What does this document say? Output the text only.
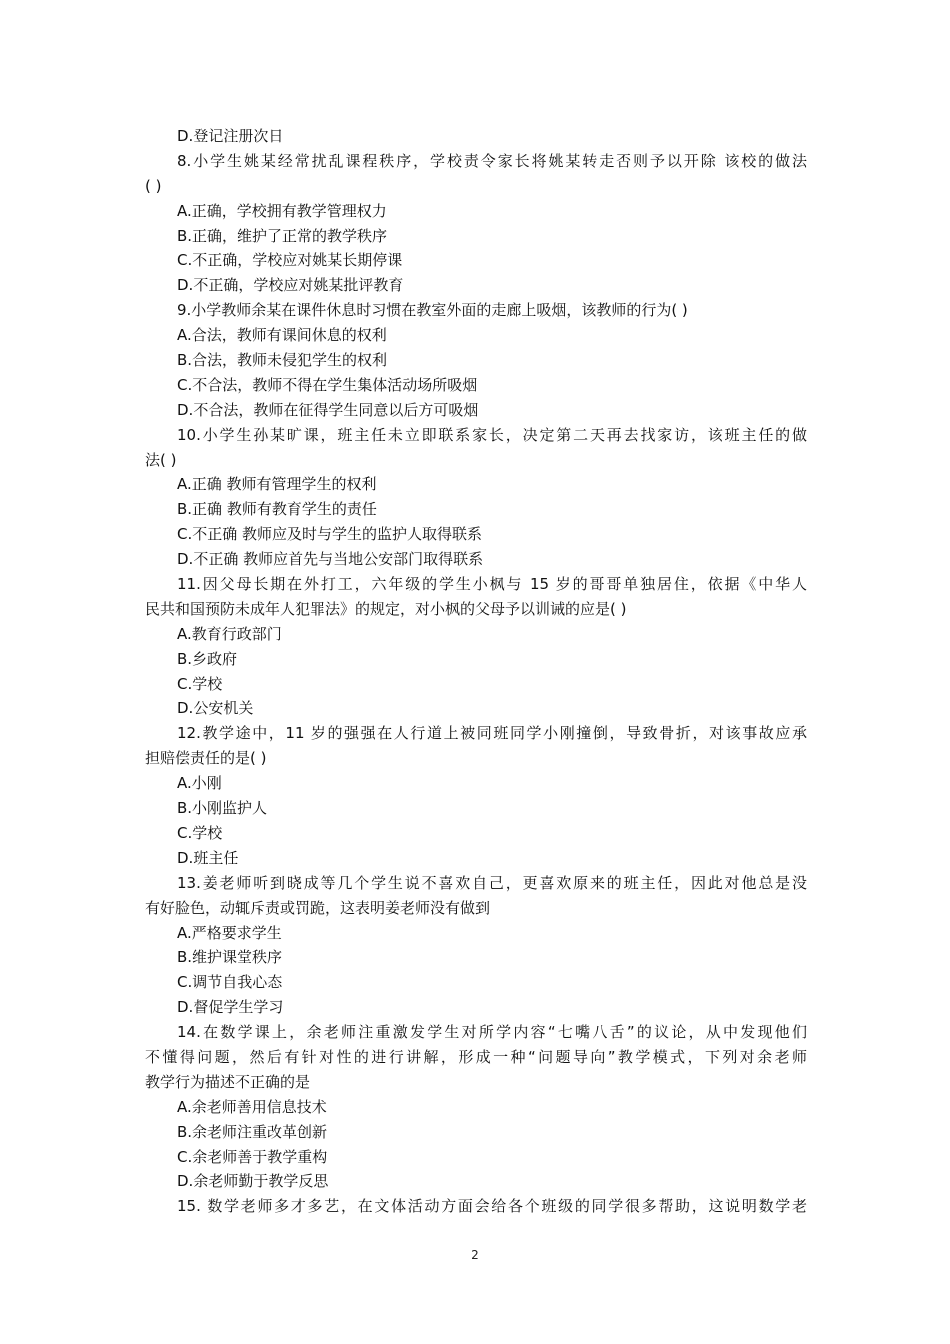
D.登记注册次日
8.小学生姚某经常扰乱课程秩序，学校责令家长将姚某转走否则予以开除 该校的做法
( )
A.正确，学校拥有教学管理权力
B.正确，维护了正常的教学秩序
C.不正确，学校应对姚某长期停课
D.不正确，学校应对姚某批评教育
9.小学教师余某在课件休息时习惯在教室外面的走廊上吸烟，该教师的行为( )
A.合法，教师有课间休息的权利
B.合法，教师未侵犯学生的权利
C.不合法，教师不得在学生集体活动场所吸烟
D.不合法，教师在征得学生同意以后方可吸烟
10.小学生孙某旷课，班主任未立即联系家长，决定第二天再去找家访，该班主任的做
法( )
A.正确 教师有管理学生的权利
B.正确 教师有教育学生的责任
C.不正确 教师应及时与学生的监护人取得联系
D.不正确 教师应首先与当地公安部门取得联系
11.因父母长期在外打工，六年级的学生小枫与 15 岁的哥哥单独居住，依据《中华人
民共和国预防未成年人犯罪法》的规定，对小枫的父母予以训诫的应是( )
A.教育行政部门
B.乡政府
C.学校
D.公安机关
12.教学途中，11 岁的强强在人行道上被同班同学小刚撞倒，导致骨折，对该事故应承
担赔偿责任的是( )
A.小刚
B.小刚监护人
C.学校
D.班主任
13.姜老师听到晓成等几个学生说不喜欢自己，更喜欢原来的班主任，因此对他总是没
有好脸色，动辄斥责或罚跪，这表明姜老师没有做到
A.严格要求学生
B.维护课堂秩序
C.调节自我心态
D.督促学生学习
14.在数学课上，余老师注重激发学生对所学内容“七嘴八舌”的议论，从中发现他们
不懂得问题，然后有针对性的进行讲解，形成一种“问题导向”教学模式，下列对余老师
教学行为描述不正确的是
A.余老师善用信息技术
B.余老师注重改革创新
C.余老师善于教学重构
D.余老师勤于教学反思
15. 数学老师多才多艺，在文体活动方面会给各个班级的同学很多帮助，这说明数学老
2
